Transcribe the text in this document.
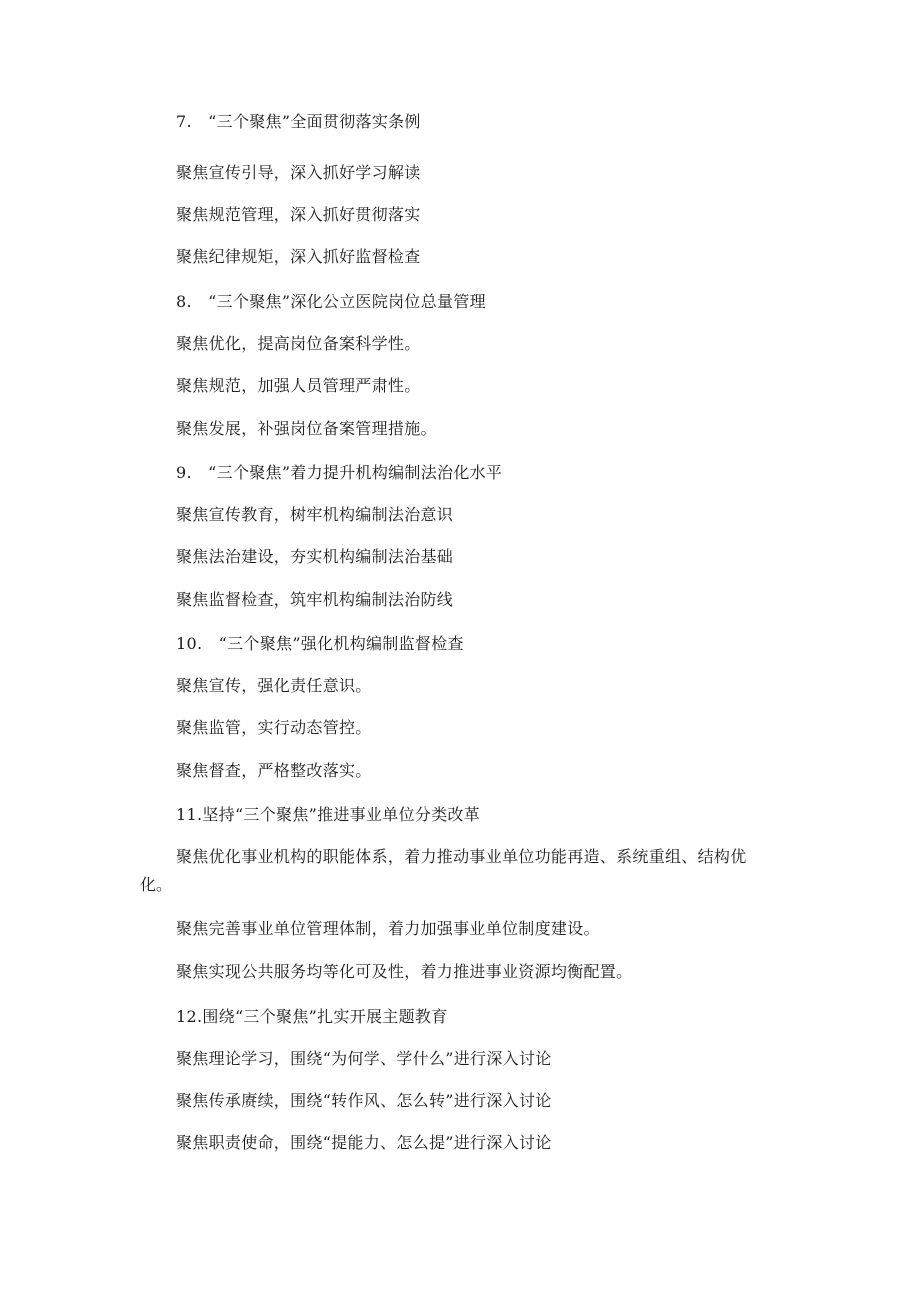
7.　“三个聚焦”全面贯彻落实条例
聚焦宣传引导，深入抓好学习解读
聚焦规范管理，深入抓好贯彻落实
聚焦纪律规矩，深入抓好监督检查
8.　“三个聚焦”深化公立医院岗位总量管理
聚焦优化，提高岗位备案科学性。
聚焦规范，加强人员管理严肃性。
聚焦发展，补强岗位备案管理措施。
9.　“三个聚焦”着力提升机构编制法治化水平
聚焦宣传教育，树牢机构编制法治意识
聚焦法治建设，夯实机构编制法治基础
聚焦监督检查，筑牢机构编制法治防线
10.　“三个聚焦”强化机构编制监督检查
聚焦宣传，强化责任意识。
聚焦监管，实行动态管控。
聚焦督查，严格整改落实。
11.坚持“三个聚焦”推进事业单位分类改革
聚焦优化事业机构的职能体系，着力推动事业单位功能再造、系统重组、结构优
化。
聚焦完善事业单位管理体制，着力加强事业单位制度建设。
聚焦实现公共服务均等化可及性，着力推进事业资源均衡配置。
12.围绕“三个聚焦”扎实开展主题教育
聚焦理论学习，围绕“为何学、学什么”进行深入讨论
聚焦传承赓续，围绕“转作风、怎么转”进行深入讨论
聚焦职责使命，围绕“提能力、怎么提”进行深入讨论
